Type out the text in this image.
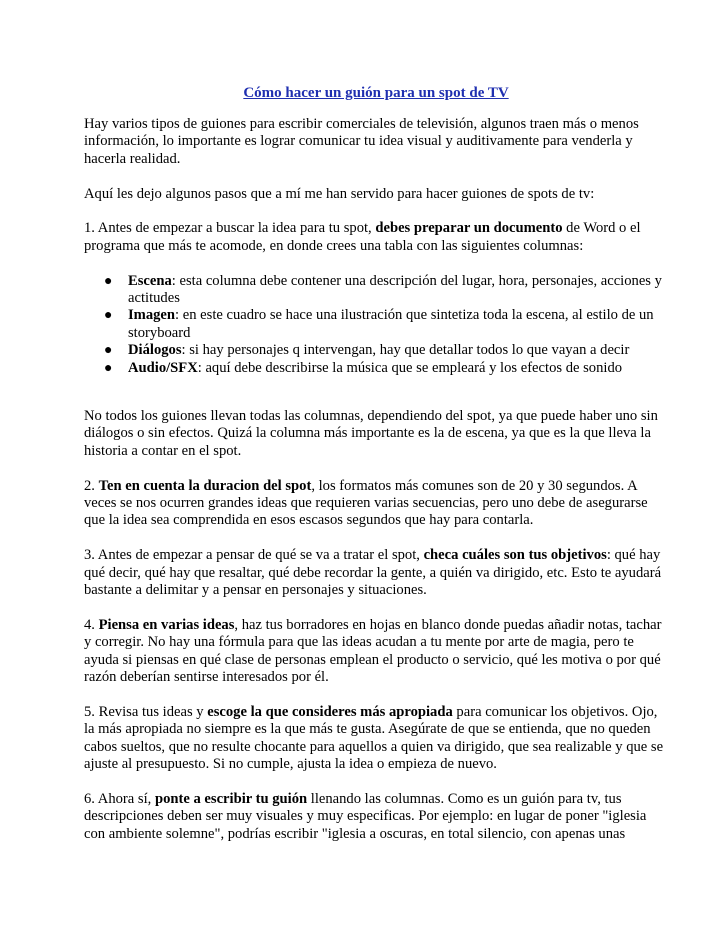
Cómo hacer un guión para un spot de TV

Hay varios tipos de guiones para escribir comerciales de televisión, algunos traen más o menos información, lo importante es lograr comunicar tu idea visual y auditivamente para venderla y hacerla realidad.

Aquí les dejo algunos pasos que a mí me han servido para hacer guiones de spots de tv:

1. Antes de empezar a buscar la idea para tu spot, debes preparar un documento de Word o el programa que más te acomode, en donde crees una tabla con las siguientes columnas:

● Escena: esta columna debe contener una descripción del lugar, hora, personajes, acciones y actitudes
● Imagen: en este cuadro se hace una ilustración que sintetiza toda la escena, al estilo de un storyboard
● Diálogos: si hay personajes q intervengan, hay que detallar todos lo que vayan a decir
● Audio/SFX: aquí debe describirse la música que se empleará y los efectos de sonido

No todos los guiones llevan todas las columnas, dependiendo del spot, ya que puede haber uno sin diálogos o sin efectos. Quizá la columna más importante es la de escena, ya que es la que lleva la historia a contar en el spot.

2. Ten en cuenta la duracion del spot, los formatos más comunes son de 20 y 30 segundos. A veces se nos ocurren grandes ideas que requieren varias secuencias, pero uno debe de asegurarse que la idea sea comprendida en esos escasos segundos que hay para contarla.

3. Antes de empezar a pensar de qué se va a tratar el spot, checa cuáles son tus objetivos: qué hay qué decir, qué hay que resaltar, qué debe recordar la gente, a quién va dirigido, etc. Esto te ayudará bastante a delimitar y a pensar en personajes y situaciones.

4. Piensa en varias ideas, haz tus borradores en hojas en blanco donde puedas añadir notas, tachar y corregir. No hay una fórmula para que las ideas acudan a tu mente por arte de magia, pero te ayuda si piensas en qué clase de personas emplean el producto o servicio, qué les motiva o por qué razón deberían sentirse interesados por él.

5. Revisa tus ideas y escoge la que consideres más apropiada para comunicar los objetivos. Ojo, la más apropiada no siempre es la que más te gusta. Asegúrate de que se entienda, que no queden cabos sueltos, que no resulte chocante para aquellos a quien va dirigido, que sea realizable y que se ajuste al presupuesto. Si no cumple, ajusta la idea o empieza de nuevo.

6. Ahora sí, ponte a escribir tu guión llenando las columnas. Como es un guión para tv, tus descripciones deben ser muy visuales y muy especificas. Por ejemplo: en lugar de poner "iglesia con ambiente solemne", podrías escribir "iglesia a oscuras, en total silencio, con apenas unas
